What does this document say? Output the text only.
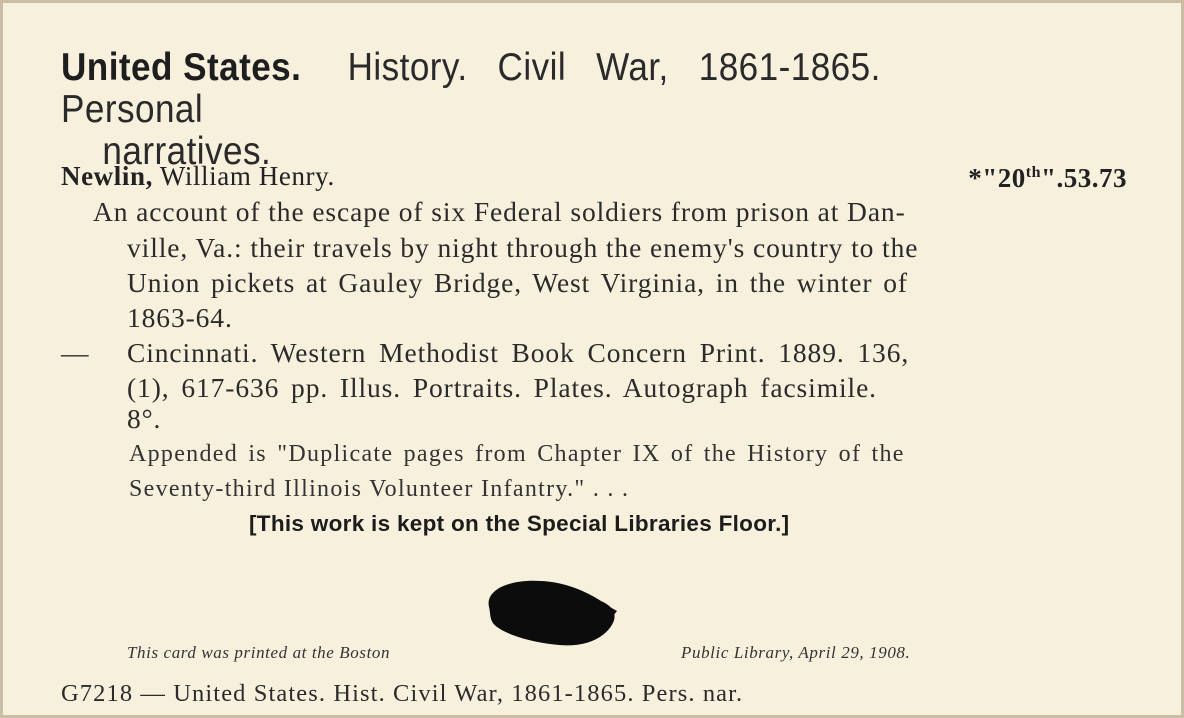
United States. History. Civil War, 1861-1865. Personal
narratives.
Newlin, William Henry.	*"20th".53.73
An account of the escape of six Federal soldiers from prison at Dan-
ville, Va.: their travels by night through the enemy's country to the
Union pickets at Gauley Bridge, West Virginia, in the winter of
1863-64.
— Cincinnati. Western Methodist Book Concern Print. 1889. 136,
(1), 617-636 pp. Illus. Portraits. Plates. Autograph facsimile.
8°.
Appended is "Duplicate pages from Chapter IX of the History of the
Seventy-third Illinois Volunteer Infantry." . . .
[This work is kept on the Special Libraries Floor.]
This card was printed at the Boston	Public Library, April 29, 1908.
G7218 — United States. Hist. Civil War, 1861-1865. Pers. nar.
